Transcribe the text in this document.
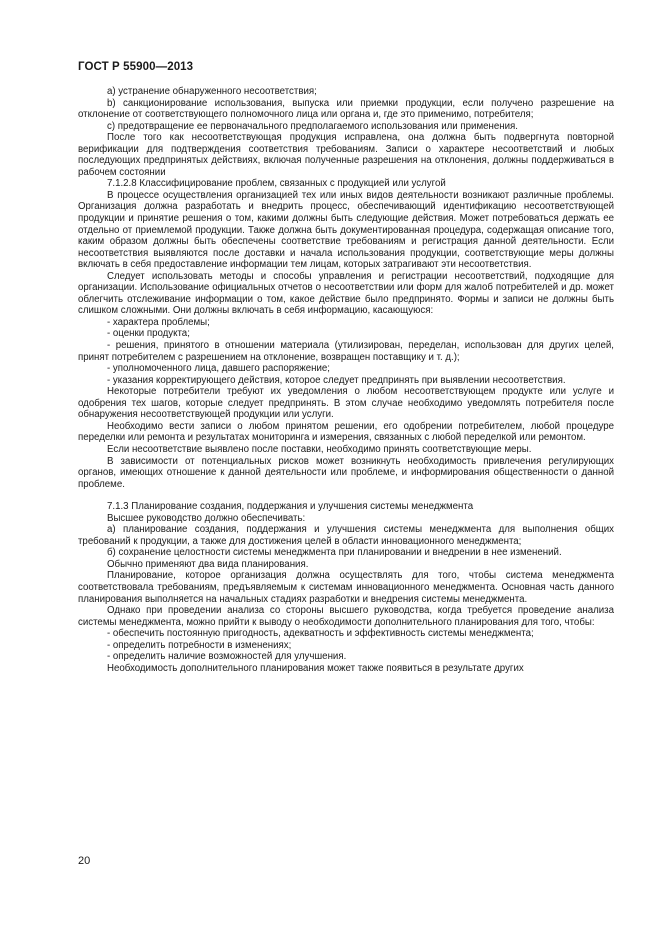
ГОСТ Р 55900—2013

а) устранение обнаруженного несоответствия;

b) санкционирование использования, выпуска или приемки продукции, если получено разрешение на отклонение от соответствующего полномочного лица или органа и, где это применимо, потребителя;

c) предотвращение ее первоначального предполагаемого использования или применения.

После того как несоответствующая продукция исправлена, она должна быть подвергнута повторной верификации для подтверждения соответствия требованиям. Записи о характере несоответствий и любых последующих предпринятых действиях, включая полученные разрешения на отклонения, должны поддерживаться в рабочем состоянии

7.1.2.8 Классифицирование проблем, связанных с продукцией или услугой

В процессе осуществления организацией тех или иных видов деятельности возникают различные проблемы. Организация должна разработать и внедрить процесс, обеспечивающий идентификацию несоответствующей продукции и принятие решения о том, какими должны быть следующие действия. Может потребоваться держать ее отдельно от приемлемой продукции. Также должна быть документированная процедура, содержащая описание того, каким образом должны быть обеспечены соответствие требованиям и регистрация данной деятельности. Если несоответствия выявляются после доставки и начала использования продукции, соответствующие меры должны включать в себя предоставление информации тем лицам, которых затрагивают эти несоответствия.

Следует использовать методы и способы управления и регистрации несоответствий, подходящие для организации. Использование официальных отчетов о несоответствии или форм для жалоб потребителей и др. может облегчить отслеживание информации о том, какое действие было предпринято. Формы и записи не должны быть слишком сложными. Они должны включать в себя информацию, касающуюся:

- характера проблемы;

- оценки продукта;

- решения, принятого в отношении материала (утилизирован, переделан, использован для других целей, принят потребителем с разрешением на отклонение, возвращен поставщику и т. д.);

- уполномоченного лица, давшего распоряжение;

- указания корректирующего действия, которое следует предпринять при выявлении несоответствия.

Некоторые потребители требуют их уведомления о любом несоответствующем продукте или услуге и одобрения тех шагов, которые следует предпринять. В этом случае необходимо уведомлять потребителя после обнаружения несоответствующей продукции или услуги.

Необходимо вести записи о любом принятом решении, его одобрении потребителем, любой процедуре переделки или ремонта и результатах мониторинга и измерения, связанных с любой переделкой или ремонтом.

Если несоответствие выявлено после поставки, необходимо принять соответствующие меры.

В зависимости от потенциальных рисков может возникнуть необходимость привлечения регулирующих органов, имеющих отношение к данной деятельности или проблеме, и информирования общественности о данной проблеме.

7.1.3 Планирование создания, поддержания и улучшения системы менеджмента

Высшее руководство должно обеспечивать:

а) планирование создания, поддержания и улучшения системы менеджмента для выполнения общих требований к продукции, а также для достижения целей в области инновационного менеджмента;

б) сохранение целостности системы менеджмента при планировании и внедрении в нее изменений.

Обычно применяют два вида планирования.

Планирование, которое организация должна осуществлять для того, чтобы система менеджмента соответствовала требованиям, предъявляемым к системам инновационного менеджмента. Основная часть данного планирования выполняется на начальных стадиях разработки и внедрения системы менеджмента.

Однако при проведении анализа со стороны высшего руководства, когда требуется проведение анализа системы менеджмента, можно прийти к выводу о необходимости дополнительного планирования для того, чтобы:

- обеспечить постоянную пригодность, адекватность и эффективность системы менеджмента;

- определить потребности в изменениях;

- определить наличие возможностей для улучшения.

Необходимость дополнительного планирования может также появиться в результате других

20
